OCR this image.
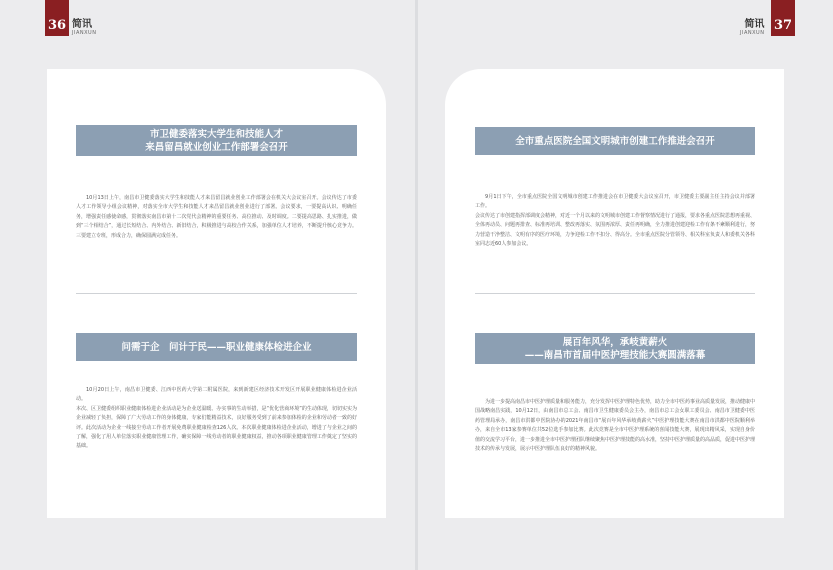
36 简讯
JIANXUN	37
简讯
JIANXUN
市卫健委落实大学生和技能人才
来昌留昌就业创业工作部署会召开

10月13日上午，南昌市卫健委落实大学生和技能人才来昌留昌就业创业工作部署会在机关大会议室召开。会议传达了市委人才工作领导小组会议精神，对落实全市大学生和技能人才来昌留昌就业创业进行了部署。会议要求，一要提高认识、明确任务，增强责任感使命感，贯彻落实南昌市第十二次党代会精神的重要任务、高位推动、及时调度。二要提高思路、扎实推进，做到“三个相结合”，通过长短结合、内外结合、新旧结合，积极推进与高校合作关系，加强单位人才培养，不断提升核心竞争力。三要建立专班，形成合力，确保圆满完成任务。

问需于企　问计于民——职业健康体检进企业

10月20日上午，南昌市卫健委、江西中医药大学第二附属医院，来到新建区经济技术开发区开展职业健康体检进企业活动。
本次、区卫健委组织职业健康体检进企业活动是为企业送温暖、办实事的生动举措，是“优化营商环境”的生动体现，切切实实为企业减轻了负担，保障了广大劳动工作的身体健康，专家们能精益技术，良好服务受到了前来参加体检的企业和劳动者一致的好评。此次活动为企业一线接尘劳动工作者开展免费职业健康检查126人次。本次职业健康体检进企业活动，增进了与企业之间的了解，强化了用人单位落实职业健康管理工作，确实保障一线劳动者的职业健康权益，推动各项职业健康管理工作奠定了坚实的基础。

全市重点医院全国文明城市创建工作推进会召开

9月1日下午，全市重点医院全国文明城市创建工作推进会在市卫健委大会议室召开，市卫健委主要副主任主持会议并部署工作。
会议传达了市创建指挥部调度会精神，对近一个月以来的文明城市创建工作督察情况进行了通报，要求各重点医院思想再重视、全体再动员、问题再排查、标准再培训、整改再落实、氛围再浓厚、责任再明确，全力推进创建迎检工作有条不紊顺利进行，努力营造干净整洁、文明有序的医疗环境，力争迎检工作不扣分、得高分。全市重点医院分管领导、相关科室负责人和委机关各科室同志近60人参加会议。

展百年风华，承岐黄薪火
——南昌市首届中医护理技能大赛圆满落幕

为进一步提高南昌市中医护理质量和服务能力，充分发挥中医护理特色优势，助力全市中医药事业高质量发展，推动健康中国战略南昌实践，10月12日，由南昌市总工会、南昌市卫生健康委员会主办，南昌市总工会女职工委员会、南昌市卫健委中医药管理局承办，南昌市洪都中医院协办的2021年南昌市“展百年风华承岐黄薪火”中医护理技能大赛在南昌市洪都中医院顺利举办，来自全市13家参赛单位共52位选手参加比赛。此次竞赛是全市中医护理系统的喜闻技能大赛，展现出精风采，实现自身价值的交流学习平台，进一步推进全市中医护理团队继续聚焦中医护理技能的高水准，坚持中医护理质量的高品质，促进中医护理技术的传承与发展，展示中医护理队伍良好的精神风貌。
